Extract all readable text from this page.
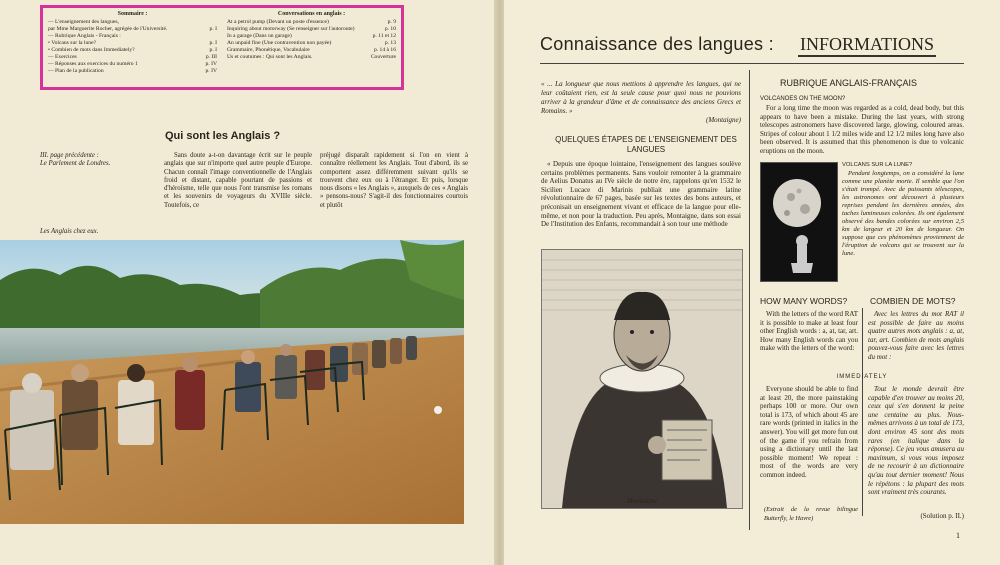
Sommaire :
— L'enseignement des langues,
par Mme Marguerite Rocher, agrégée de l'Université.	p. I
— Rubrique Anglais - Français :
• Volcans sur la lune?	p. I
• Combien de mots dans Immediately?	p. I
— Exercices	p. III
— Réponses aux exercices du numéro 1	p. IV
— Plan de la publication	p. IV
Conversations en anglais :
At a petrol pump (Devant un poste d'essence)	p. 9
Inquiring about motorway (Se renseigner sur l'autoroute)	p. 10
In a garage (Dans un garage)	p. 11 et 12
An unpaid fine (Une contravention non payée)	p. 13
Grammaire, Phonétique, Vocabulaire	p. 14 à 16
Us et coutumes : Qui sont les Anglais.	Couverture
Qui sont les Anglais ?
III. page précédente :
Le Parlement de Londres.
Sans doute a-t-on davantage écrit sur le peuple anglais que sur n'importe quel autre peuple d'Europe. Chacun connaît l'image conventionnelle de l'Anglais froid et distant, capable pourtant de passions et d'héroïsme, telle que nous l'ont transmise les romans et les souvenirs de voyageurs du XVIIIe siècle. Toutefois, ce
préjugé disparaît rapidement si l'on en vient à connaître réellement les Anglais. Tout d'abord, ils se comportent assez différemment suivant qu'ils se trouvent chez eux ou à l'étranger. Et puis, lorsque nous disons « les Anglais », auxquels de ces « Anglais » pensons-nous? S'agit-il des fonctionnaires courtois et plutôt
Les Anglais chez eux.
Connaissance des langues : INFORMATIONS
« ... La longueur que nous mettions à apprendre les langues, qui ne leur coûtaient rien, est la seule cause pour quoi nous ne pouvions arriver à la grandeur d'âme et de connaissance des anciens Grecs et Romains. »
(Montaigne)
QUELQUES ÉTAPES DE L'ENSEIGNEMENT DES LANGUES
« Depuis une époque lointaine, l'enseignement des langues soulève certains problèmes permanents. Sans vouloir remonter à la grammaire de Aelius Donatus au IVe siècle de notre ère, rappelons qu'en 1532 le Sicilien Lucace di Marinis publiait une grammaire latine révolutionnaire de 67 pages, basée sur les textes des bons auteurs, et préconisait un enseignement vivant et efficace de la langue pour elle-même, et non pour la traduction. Peu après, Montaigne, dans son essai De l'Institution des Enfants, recommandait à son tour une méthode
Montaigne
RUBRIQUE ANGLAIS-FRANÇAIS
VOLCANOES ON THE MOON?
For a long time the moon was regarded as a cold, dead body, but this appears to have been a mistake. During the last years, with strong telescopes astronomers have discovered large, glowing, coloured areas. Stripes of colour about 1 1/2 miles wide and 12 1/2 miles long have also been observed. It is assumed that this phenomenon is due to volcanic eruptions on the moon.
VOLCANS SUR LA LUNE?
Pendant longtemps, on a considéré la lune comme une planète morte. Il semble que l'on s'était trompé. Avec de puissants télescopes, les astronomes ont découvert à plusieurs reprises pendant les dernières années, des taches lumineuses colorées. Ils ont également observé des bandes colorées sur environ 2,5 km de largeur et 20 km de longueur. On suppose que ces phénomènes proviennent de l'éruption de volcans qui se trouvent sur la lune.
HOW MANY WORDS?	COMBIEN DE MOTS?
With the letters of the word RAT it is possible to make at least four other English words : a, at, tar, art. How many English words can you make with the letters of the word:
Avec les lettres du mot RAT il est possible de faire au moins quatre autres mots anglais : a, at, tar, art. Combien de mots anglais pouvez-vous faire avec les lettres du mot :
IMMEDIATELY
Everyone should be able to find at least 20, the more painstaking perhaps 100 or more. Our own total is 173, of which about 45 are rare words (printed in italics in the answer). You will get more fun out of the game if you refrain from using a dictionary until the last possible moment! We repeat : most of the words are very common indeed.
Tout le monde devrait être capable d'en trouver au moins 20, ceux qui s'en donnent la peine une centaine au plus. Nous-mêmes arrivons à un total de 173, dont environ 45 sont des mots rares (en italique dans la réponse). Ce jeu vous amusera au maximum, si vous vous imposez de ne recourir à un dictionnaire qu'au tout dernier moment! Nous le répétons : la plupart des mots sont vraiment très courants.
(Extrait de la revue bilingue Butterfly, le Havre)	(Solution p. II.)
1
